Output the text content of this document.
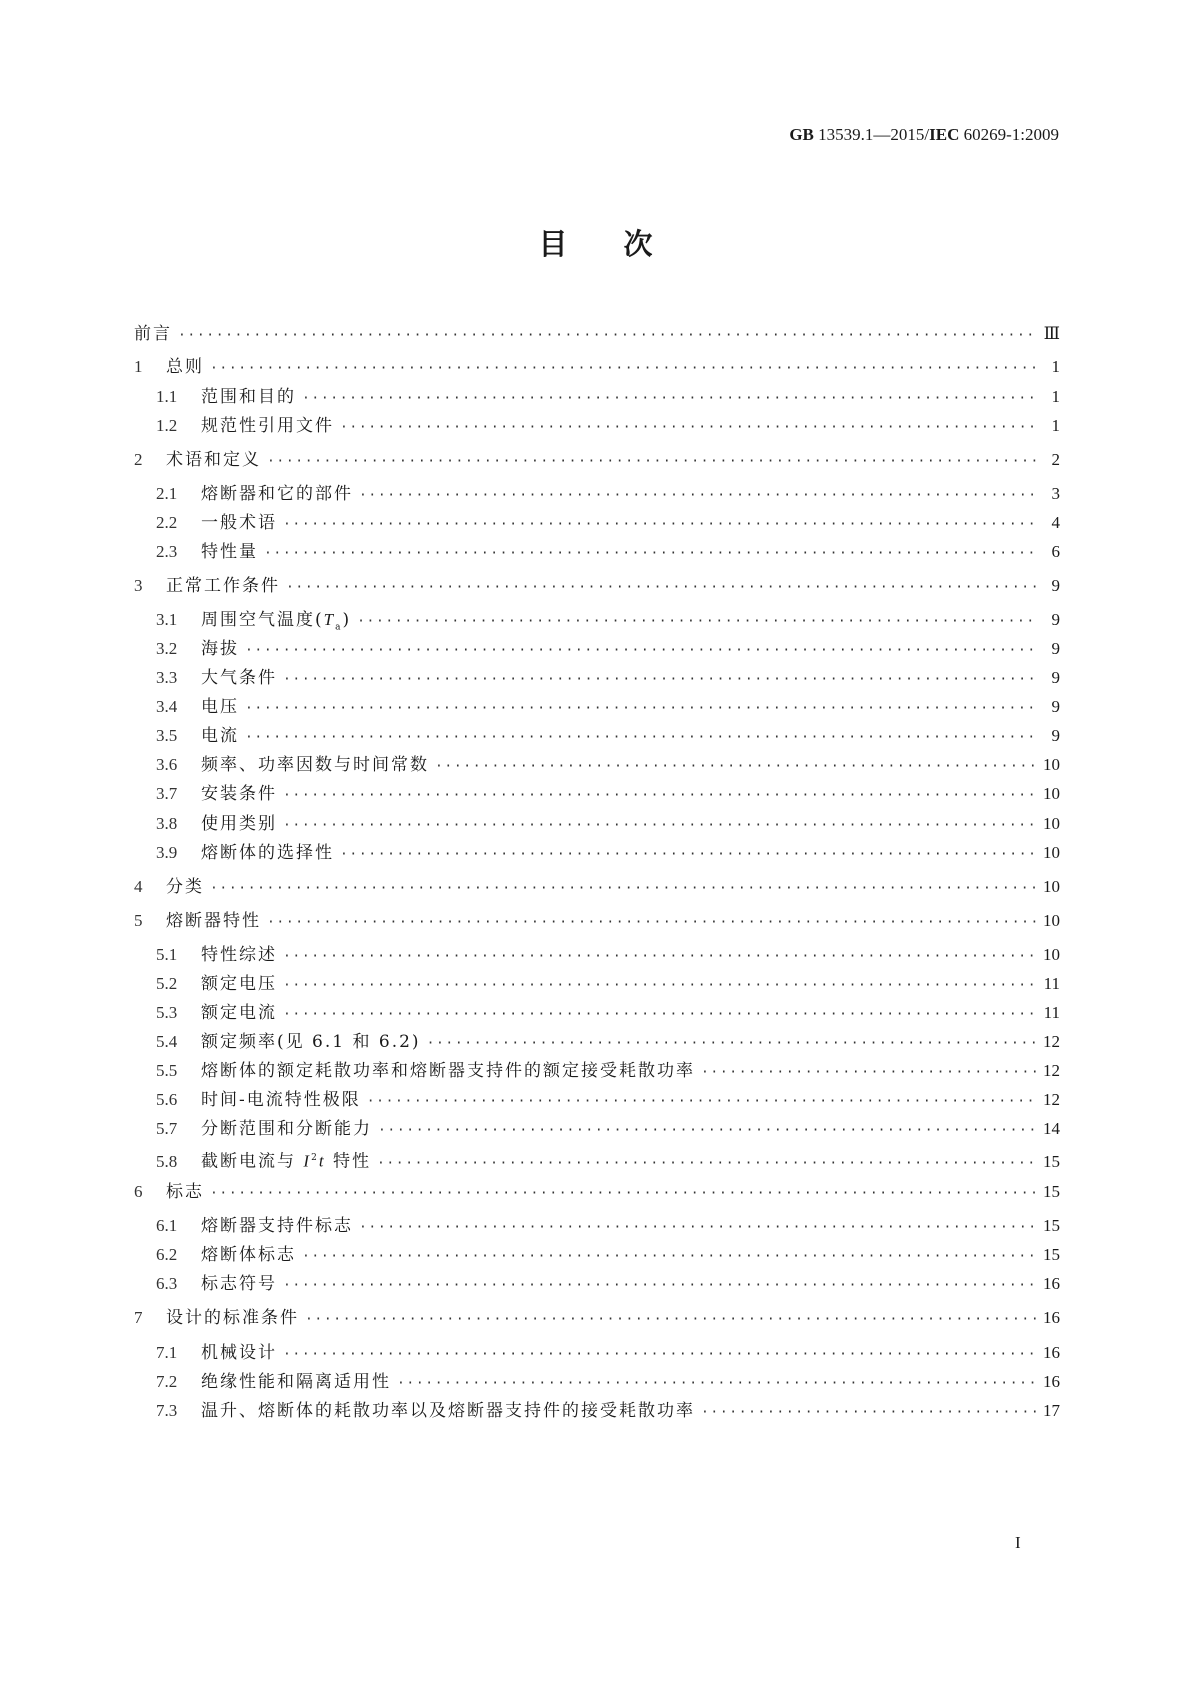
GB 13539.1—2015/IEC 60269-1:2009
目次
前言 ·····	Ⅲ
1	总则 ·····	1
1.1	范围和目的 ·····	1
1.2	规范性引用文件 ·····	1
2	术语和定义 ·····	2
2.1	熔断器和它的部件 ·····	3
2.2	一般术语 ·····	4
2.3	特性量 ·····	6
3	正常工作条件 ·····	9
3.1	周围空气温度$(T_a)$ ·····	9
3.2	海拔 ·····	9
3.3	大气条件 ·····	9
3.4	电压 ·····	9
3.5	电流 ·····	9
3.6	频率、功率因数与时间常数 ·····	10
3.7	安装条件 ·····	10
3.8	使用类别 ·····	10
3.9	熔断体的选择性 ·····	10
4	分类 ·····	10
5	熔断器特性 ·····	10
5.1	特性综述 ·····	10
5.2	额定电压 ·····	11
5.3	额定电流 ·····	11
5.4	额定频率(见 6.1 和 6.2) ·····	12
5.5	熔断体的额定耗散功率和熔断器支持件的额定接受耗散功率 ·····	12
5.6	时间-电流特性极限 ·····	12
5.7	分断范围和分断能力 ·····	14
5.8	截断电流与 $I^2t$ 特性 ·····	15
6	标志 ·····	15
6.1	熔断器支持件标志 ·····	15
6.2	熔断体标志 ·····	15
6.3	标志符号 ·····	16
7	设计的标准条件 ·····	16
7.1	机械设计 ·····	16
7.2	绝缘性能和隔离适用性 ·····	16
7.3	温升、熔断体的耗散功率以及熔断器支持件的接受耗散功率 ·····	17
I
